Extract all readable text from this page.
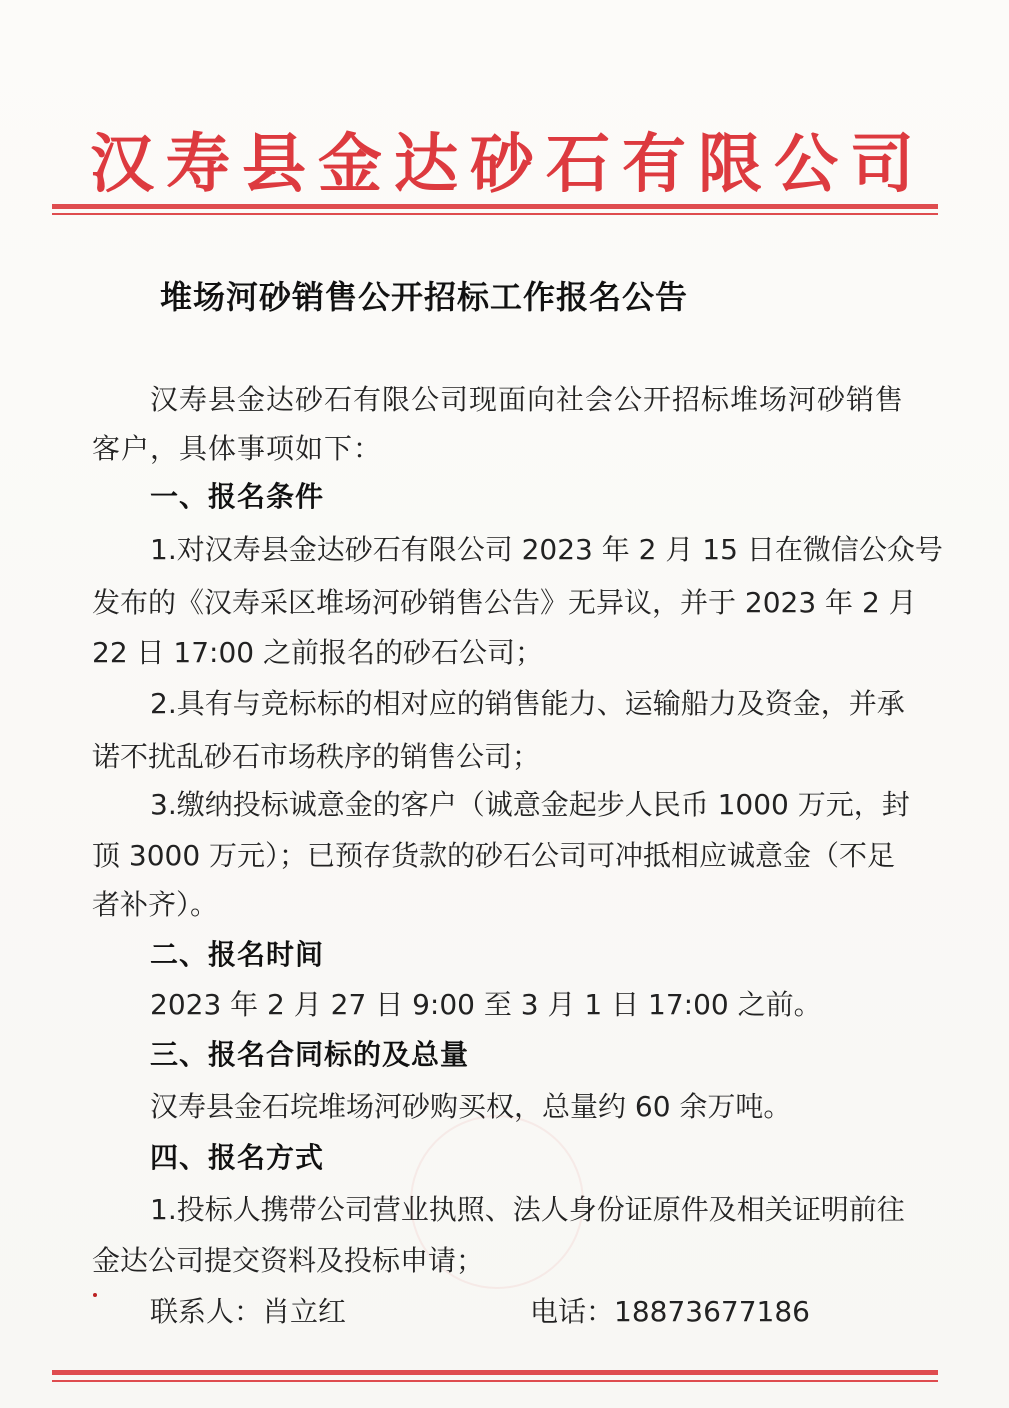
汉寿县金达砂石有限公司
堆场河砂销售公开招标工作报名公告
汉寿县金达砂石有限公司现面向社会公开招标堆场河砂销售
客户，具体事项如下：
一、报名条件
1.对汉寿县金达砂石有限公司 2023 年 2 月 15 日在微信公众号
发布的《汉寿采区堆场河砂销售公告》无异议，并于 2023 年 2 月
22 日 17:00 之前报名的砂石公司；
2.具有与竞标标的相对应的销售能力、运输船力及资金，并承
诺不扰乱砂石市场秩序的销售公司；
3.缴纳投标诚意金的客户（诚意金起步人民币 1000 万元，封
顶 3000 万元）；已预存货款的砂石公司可冲抵相应诚意金（不足
者补齐）。
二、报名时间
2023 年 2 月 27 日 9:00 至 3 月 1 日 17:00 之前。
三、报名合同标的及总量
汉寿县金石垸堆场河砂购买权，总量约 60 余万吨。
四、报名方式
1.投标人携带公司营业执照、法人身份证原件及相关证明前往
金达公司提交资料及投标申请；
联系人：肖立红	电话：18873677186
